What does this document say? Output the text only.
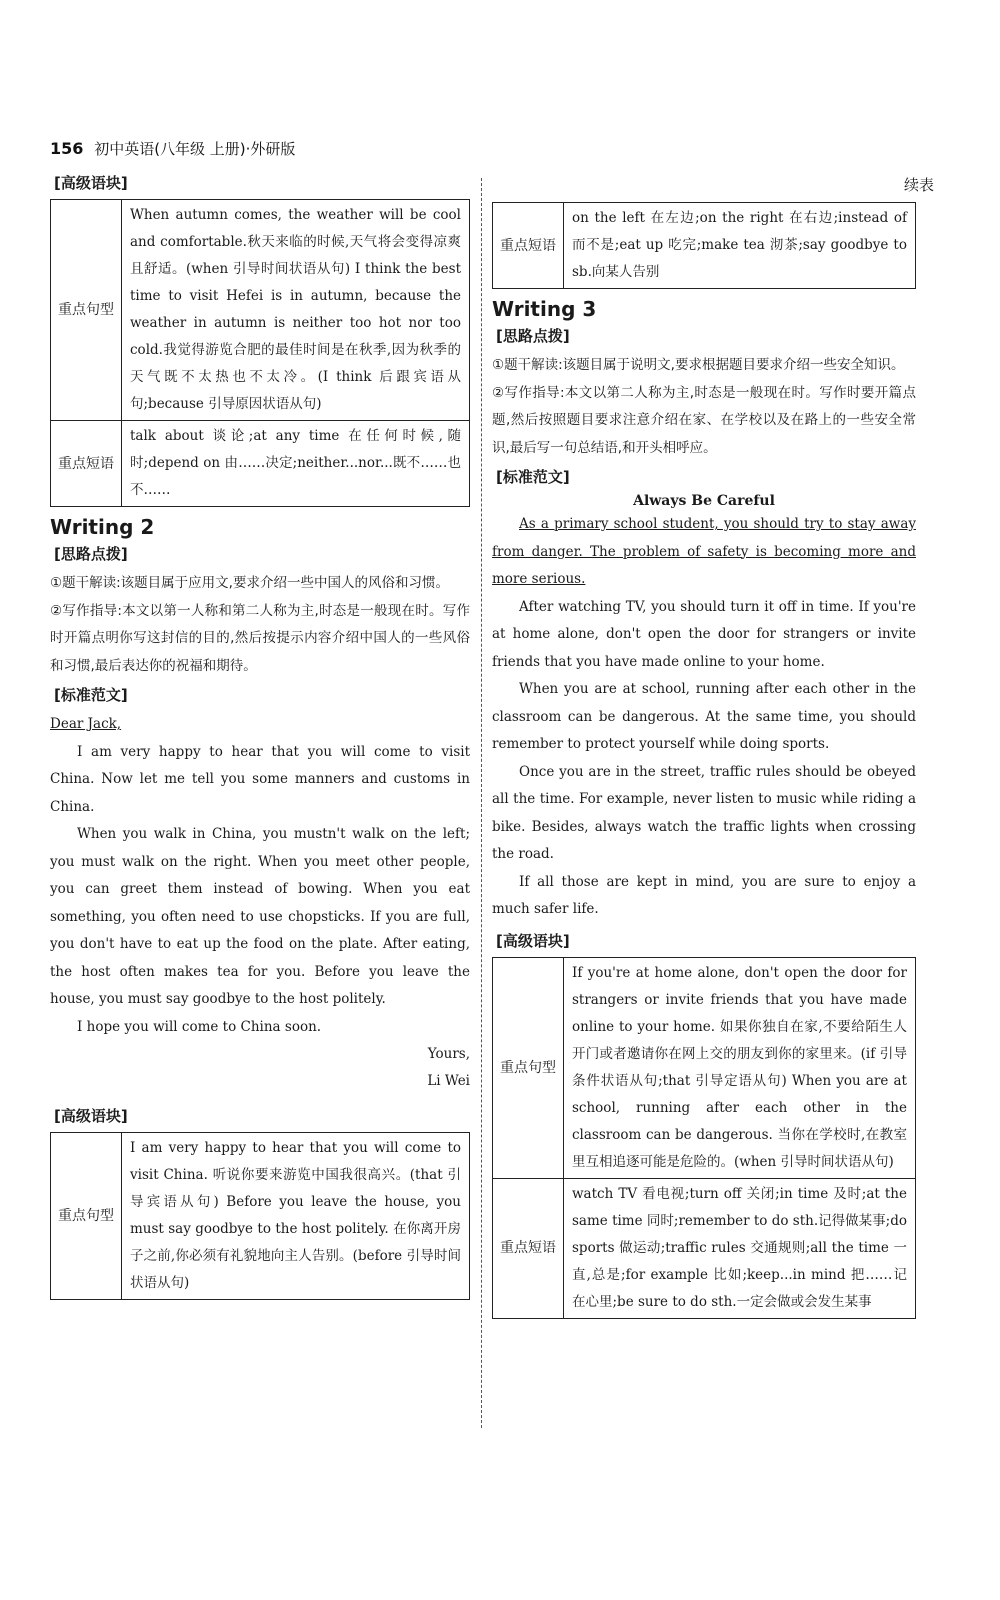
156 初中英语(八年级 上册)·外研版
续表
[高级语块]
重点句型	When autumn comes, the weather will be cool and comfortable.秋天来临的时候,天气将会变得凉爽且舒适。(when 引导时间状语从句) I think the best time to visit Hefei is in autumn, because the weather in autumn is neither too hot nor too cold.我觉得游览合肥的最佳时间是在秋季,因为秋季的天气既不太热也不太冷。(I think 后跟宾语从句;because 引导原因状语从句)
重点短语	talk about 谈论;at any time 在任何时候,随时;depend on 由……决定;neither...nor...既不……也不……
Writing 2
[思路点拨]

①题干解读:该题目属于应用文,要求介绍一些中国人的风俗和习惯。

②写作指导:本文以第一人称和第二人称为主,时态是一般现在时。写作时开篇点明你写这封信的目的,然后按提示内容介绍中国人的一些风俗和习惯,最后表达你的祝福和期待。

[标准范文]

Dear Jack,

I am very happy to hear that you will come to visit China. Now let me tell you some manners and customs in China.

When you walk in China, you mustn't walk on the left; you must walk on the right. When you meet other people, you can greet them instead of bowing. When you eat something, you often need to use chopsticks. If you are full, you don't have to eat up the food on the plate. After eating, the host often makes tea for you. Before you leave the house, you must say goodbye to the host politely.

I hope you will come to China soon.

Yours,

Li Wei

[高级语块]
重点句型	I am very happy to hear that you will come to visit China. 听说你要来游览中国我很高兴。(that 引导宾语从句) Before you leave the house, you must say goodbye to the host politely. 在你离开房子之前,你必须有礼貌地向主人告别。(before 引导时间状语从句)
重点短语	on the left 在左边;on the right 在右边;instead of 而不是;eat up 吃完;make tea 沏茶;say goodbye to sb.向某人告别
Writing 3
[思路点拨]

①题干解读:该题目属于说明文,要求根据题目要求介绍一些安全知识。

②写作指导:本文以第二人称为主,时态是一般现在时。写作时要开篇点题,然后按照题目要求注意介绍在家、在学校以及在路上的一些安全常识,最后写一句总结语,和开头相呼应。

[标准范文]
Always Be Careful

As a primary school student, you should try to stay away from danger. The problem of safety is becoming more and more serious.

After watching TV, you should turn it off in time. If you're at home alone, don't open the door for strangers or invite friends that you have made online to your home.

When you are at school, running after each other in the classroom can be dangerous. At the same time, you should remember to protect yourself while doing sports.

Once you are in the street, traffic rules should be obeyed all the time. For example, never listen to music while riding a bike. Besides, always watch the traffic lights when crossing the road.

If all those are kept in mind, you are sure to enjoy a much safer life.

[高级语块]
重点句型	If you're at home alone, don't open the door for strangers or invite friends that you have made online to your home. 如果你独自在家,不要给陌生人开门或者邀请你在网上交的朋友到你的家里来。(if 引导条件状语从句;that 引导定语从句) When you are at school, running after each other in the classroom can be dangerous. 当你在学校时,在教室里互相追逐可能是危险的。(when 引导时间状语从句)
重点短语	watch TV 看电视;turn off 关闭;in time 及时;at the same time 同时;remember to do sth.记得做某事;do sports 做运动;traffic rules 交通规则;all the time 一直,总是;for example 比如;keep...in mind 把……记在心里;be sure to do sth.一定会做或会发生某事
